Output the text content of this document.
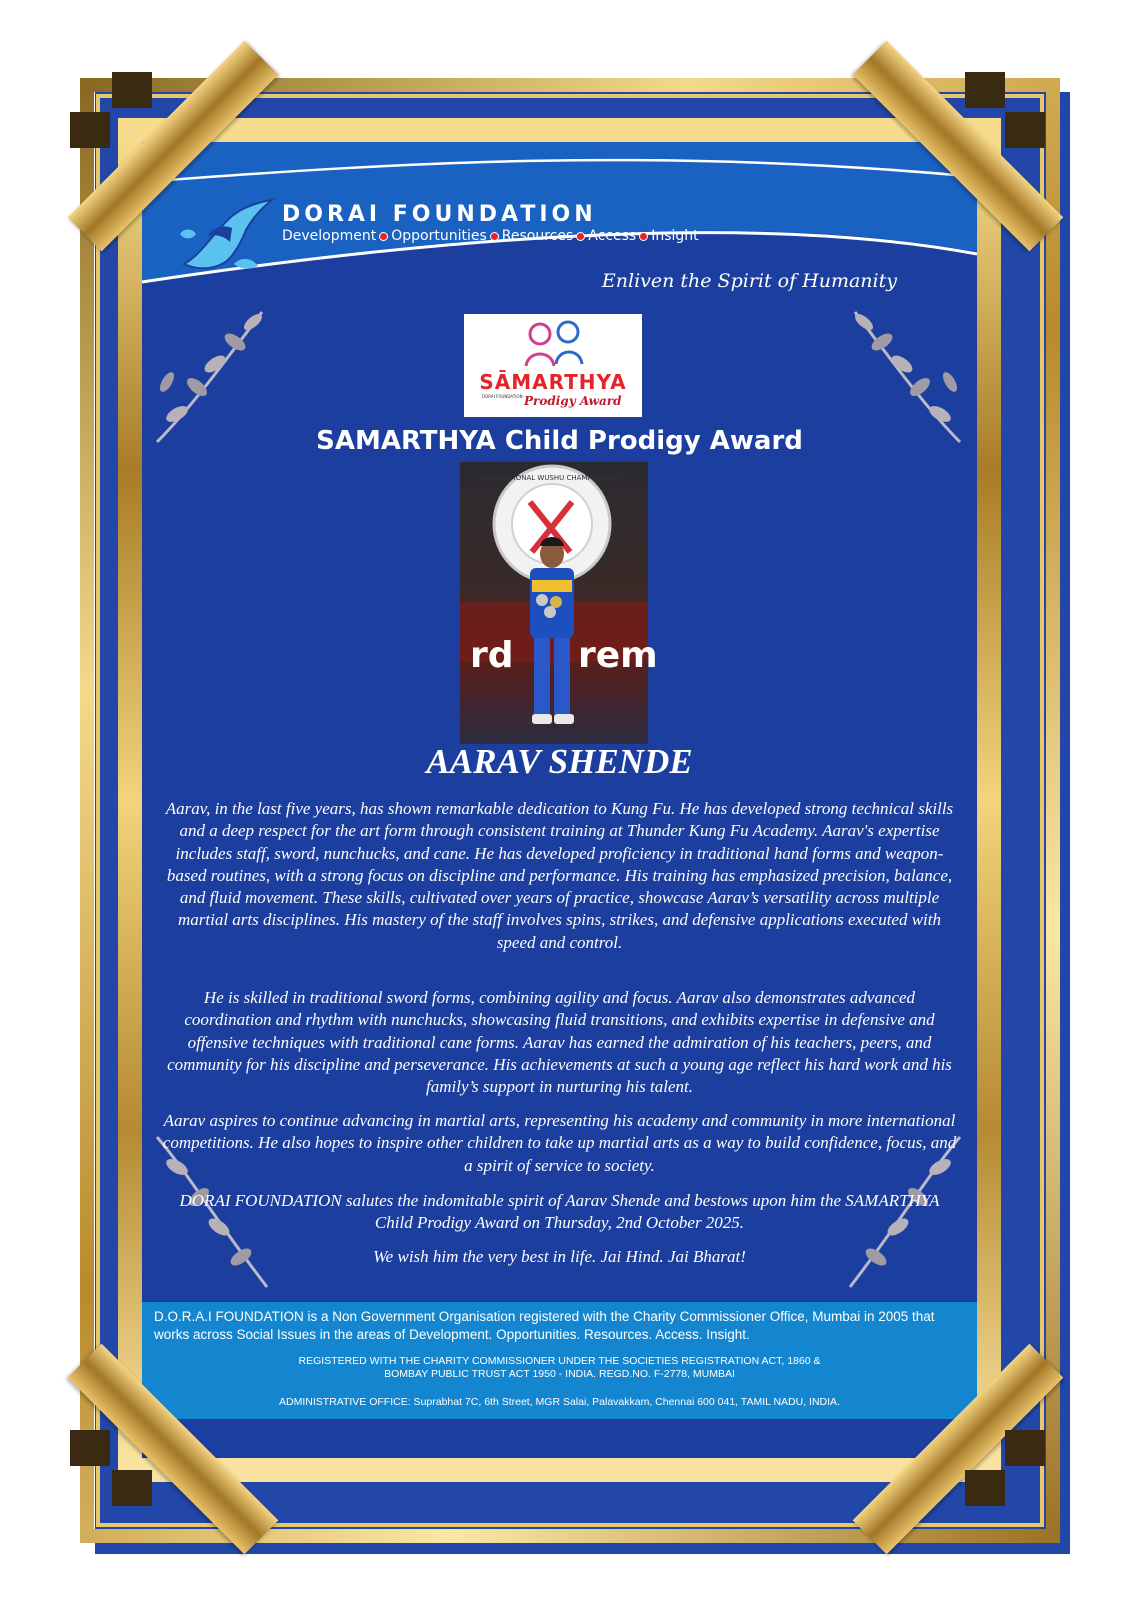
DORAI FOUNDATION
Development Opportunities Resources Access Insight
Enliven the Spirit of Humanity
SĀMARTHYA
DORAI FOUNDATION Prodigy Award
SAMARTHYA Child Prodigy Award
INTERNATIONAL WUSHU CHAMPIONSHIPS
rd rem
AARAV SHENDE

Aarav, in the last five years, has shown remarkable dedication to Kung Fu. He has developed strong technical skills and a deep respect for the art form through consistent training at Thunder Kung Fu Academy. Aarav's expertise includes staff, sword, nunchucks, and cane. He has developed proficiency in traditional hand forms and weapon-based routines, with a strong focus on discipline and performance. His training has emphasized precision, balance, and fluid movement. These skills, cultivated over years of practice, showcase Aarav’s versatility across multiple martial arts disciplines. His mastery of the staff involves spins, strikes, and defensive applications executed with speed and control.

He is skilled in traditional sword forms, combining agility and focus. Aarav also demonstrates advanced coordination and rhythm with nunchucks, showcasing fluid transitions, and exhibits expertise in defensive and offensive techniques with traditional cane forms. Aarav has earned the admiration of his teachers, peers, and community for his discipline and perseverance. His achievements at such a young age reflect his hard work and his family’s support in nurturing his talent.

Aarav aspires to continue advancing in martial arts, representing his academy and community in more international competitions. He also hopes to inspire other children to take up martial arts as a way to build confidence, focus, and a spirit of service to society.

DORAI FOUNDATION salutes the indomitable spirit of Aarav Shende and bestows upon him the SAMARTHYA Child Prodigy Award on Thursday, 2nd October 2025.

We wish him the very best in life. Jai Hind. Jai Bharat!

D.O.R.A.I FOUNDATION is a Non Government Organisation registered with the Charity Commissioner Office, Mumbai in 2005 that works across Social Issues in the areas of Development. Opportunities. Resources. Access. Insight.
REGISTERED WITH THE CHARITY COMMISSIONER UNDER THE SOCIETIES REGISTRATION ACT, 1860 &
BOMBAY PUBLIC TRUST ACT 1950 - INDIA. REGD.NO. F-2778, MUMBAI
ADMINISTRATIVE OFFICE: Suprabhat 7C, 6th Street, MGR Salai, Palavakkam, Chennai 600 041, TAMIL NADU, INDIA.
